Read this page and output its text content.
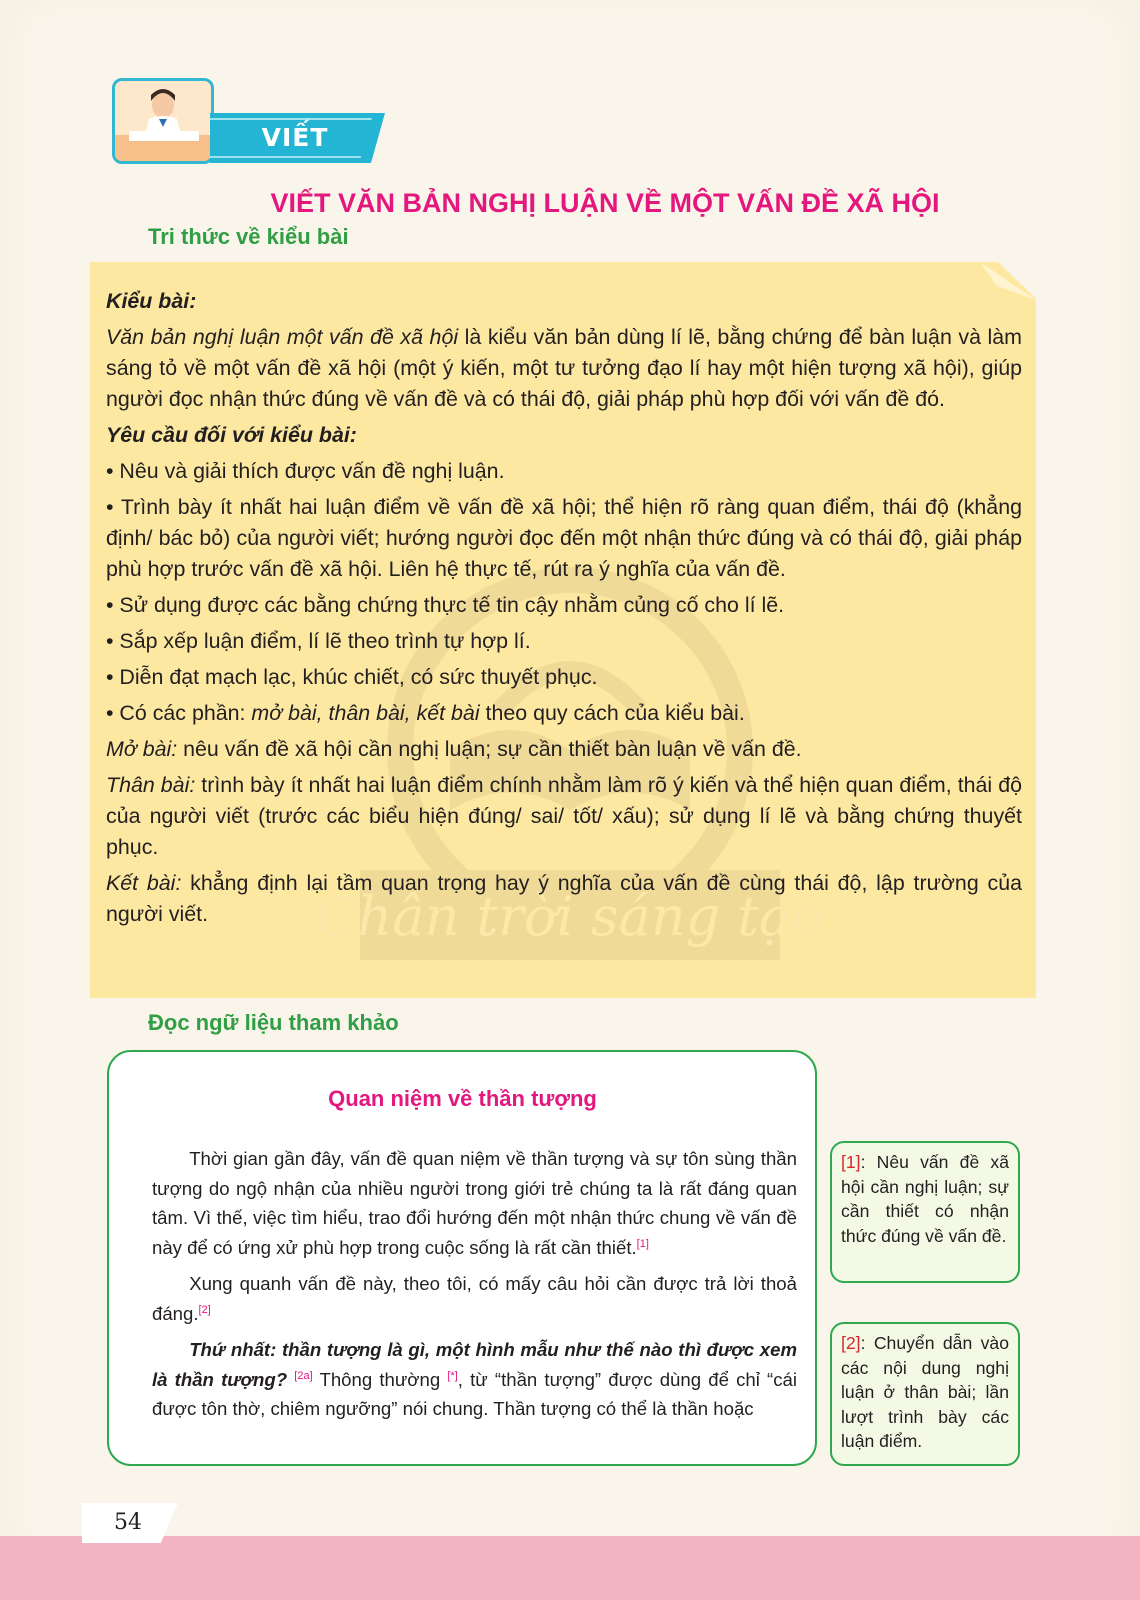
VIẾT
VIẾT VĂN BẢN NGHỊ LUẬN VỀ MỘT VẤN ĐỀ XÃ HỘI
Tri thức về kiểu bài

Kiểu bài:

Văn bản nghị luận một vấn đề xã hội là kiểu văn bản dùng lí lẽ, bằng chứng để bàn luận và làm sáng tỏ về một vấn đề xã hội (một ý kiến, một tư tưởng đạo lí hay một hiện tượng xã hội), giúp người đọc nhận thức đúng về vấn đề và có thái độ, giải pháp phù hợp đối với vấn đề đó.

Yêu cầu đối với kiểu bài:

• Nêu và giải thích được vấn đề nghị luận.

• Trình bày ít nhất hai luận điểm về vấn đề xã hội; thể hiện rõ ràng quan điểm, thái độ (khẳng định/ bác bỏ) của người viết; hướng người đọc đến một nhận thức đúng và có thái độ, giải pháp phù hợp trước vấn đề xã hội. Liên hệ thực tế, rút ra ý nghĩa của vấn đề.

• Sử dụng được các bằng chứng thực tế tin cậy nhằm củng cố cho lí lẽ.

• Sắp xếp luận điểm, lí lẽ theo trình tự hợp lí.

• Diễn đạt mạch lạc, khúc chiết, có sức thuyết phục.

• Có các phần: mở bài, thân bài, kết bài theo quy cách của kiểu bài.

Mở bài: nêu vấn đề xã hội cần nghị luận; sự cần thiết bàn luận về vấn đề.

Thân bài: trình bày ít nhất hai luận điểm chính nhằm làm rõ ý kiến và thể hiện quan điểm, thái độ của người viết (trước các biểu hiện đúng/ sai/ tốt/ xấu); sử dụng lí lẽ và bằng chứng thuyết phục.

Kết bài: khẳng định lại tầm quan trọng hay ý nghĩa của vấn đề cùng thái độ, lập trường của người viết.

Đọc ngữ liệu tham khảo
Quan niệm về thần tượng

Thời gian gần đây, vấn đề quan niệm về thần tượng và sự tôn sùng thần tượng do ngộ nhận của nhiều người trong giới trẻ chúng ta là rất đáng quan tâm. Vì thế, việc tìm hiểu, trao đổi hướng đến một nhận thức chung về vấn đề này để có ứng xử phù hợp trong cuộc sống là rất cần thiết.[1]

Xung quanh vấn đề này, theo tôi, có mấy câu hỏi cần được trả lời thoả đáng.[2]

Thứ nhất: thần tượng là gì, một hình mẫu như thế nào thì được xem là thần tượng? [2a] Thông thường [*], từ “thần tượng” được dùng để chỉ “cái được tôn thờ, chiêm ngưỡng” nói chung. Thần tượng có thể là thần hoặc

[1]: Nêu vấn đề xã hội cần nghị luận; sự cần thiết có nhận thức đúng về vấn đề.
[2]: Chuyển dẫn vào các nội dung nghị luận ở thân bài; lần lượt trình bày các luận điểm.
54
